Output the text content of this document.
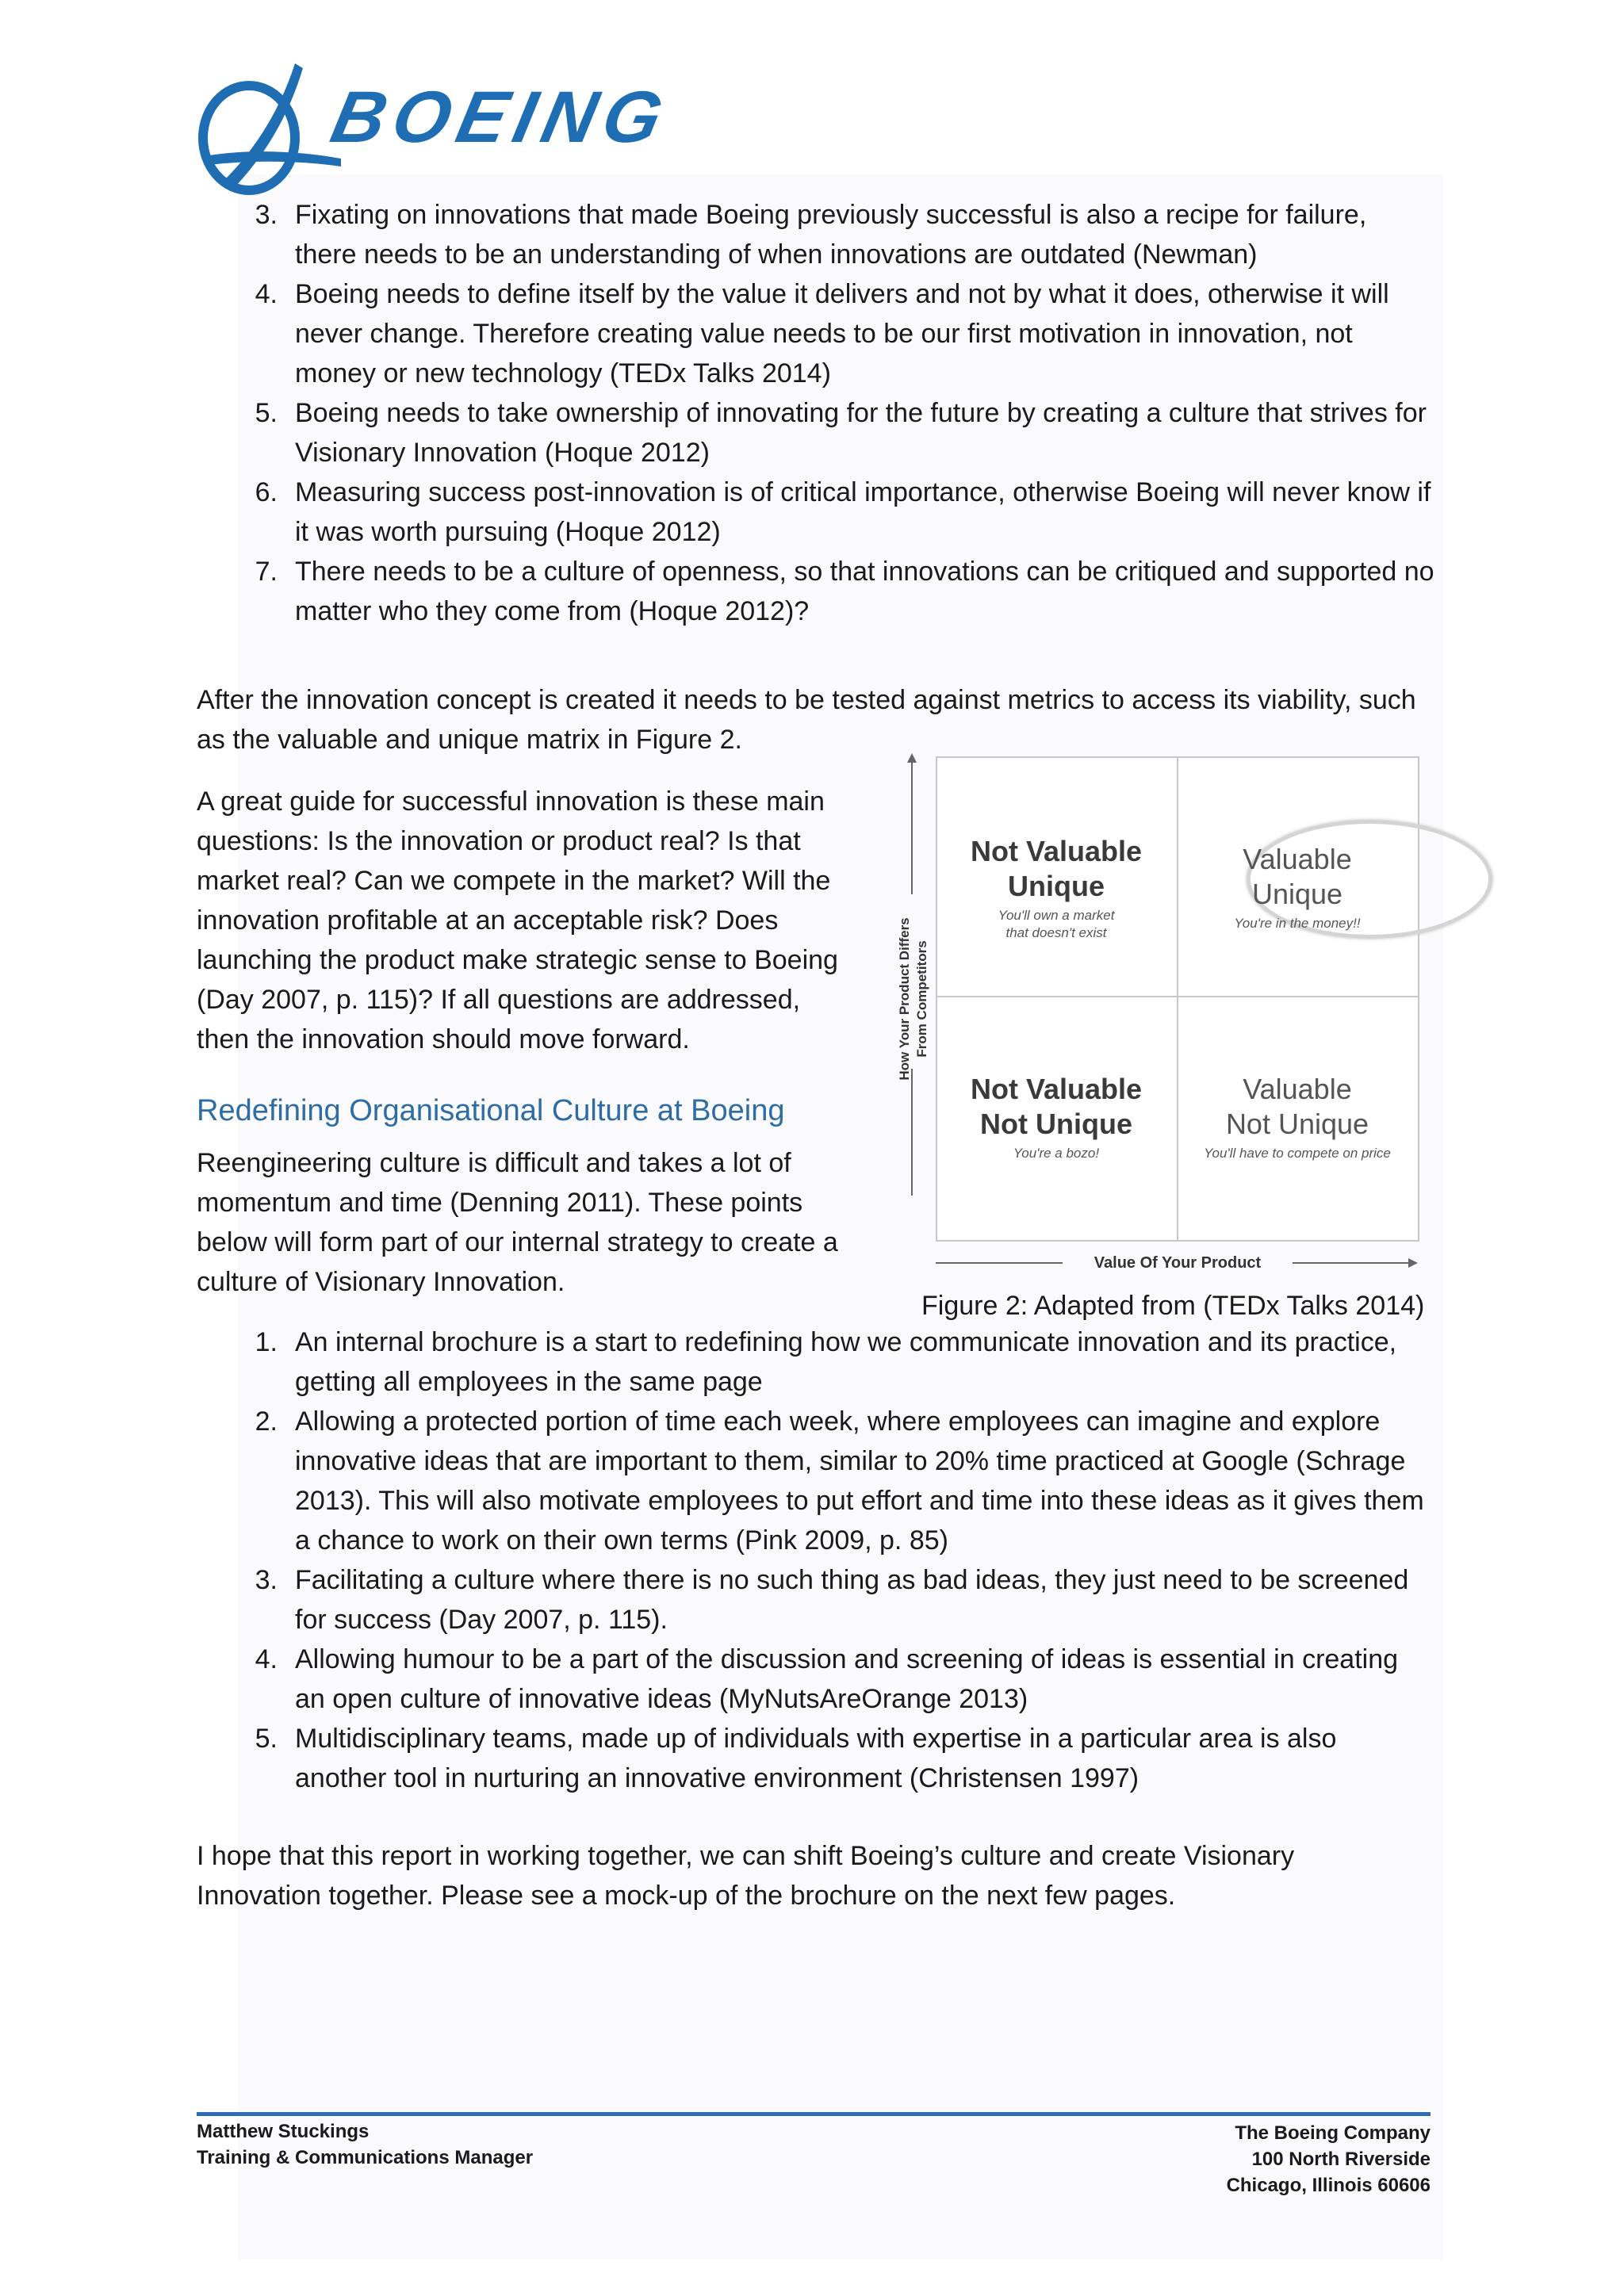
BOEING
3. Fixating on innovations that made Boeing previously successful is also a recipe for failure, there needs to be an understanding of when innovations are outdated (Newman)
4. Boeing needs to define itself by the value it delivers and not by what it does, otherwise it will never change. Therefore creating value needs to be our first motivation in innovation, not money or new technology (TEDx Talks 2014)
5. Boeing needs to take ownership of innovating for the future by creating a culture that strives for Visionary Innovation (Hoque 2012)
6. Measuring success post-innovation is of critical importance, otherwise Boeing will never know if it was worth pursuing (Hoque 2012)
7. There needs to be a culture of openness, so that innovations can be critiqued and supported no matter who they come from (Hoque 2012)?

After the innovation concept is created it needs to be tested against metrics to access its viability, such as the valuable and unique matrix in Figure 2.

A great guide for successful innovation is these main questions: Is the innovation or product real? Is that market real? Can we compete in the market? Will the innovation profitable at an acceptable risk? Does launching the product make strategic sense to Boeing (Day 2007, p. 115)? If all questions are addressed, then the innovation should move forward.

Redefining Organisational Culture at Boeing

Reengineering culture is difficult and takes a lot of momentum and time (Denning 2011). These points below will form part of our internal strategy to create a culture of Visionary Innovation.

How Your Product Differs From Competitors
Not Valuable
Unique
You'll own a market that doesn't exist
Valuable
Unique
You're in the money!!
Not Valuable
Not Unique
You're a bozo!
Valuable
Not Unique
You'll have to compete on price
Value Of Your Product
Figure 2: Adapted from (TEDx Talks 2014)
1. An internal brochure is a start to redefining how we communicate innovation and its practice, getting all employees in the same page
2. Allowing a protected portion of time each week, where employees can imagine and explore innovative ideas that are important to them, similar to 20% time practiced at Google (Schrage 2013). This will also motivate employees to put effort and time into these ideas as it gives them a chance to work on their own terms (Pink 2009, p. 85)
3. Facilitating a culture where there is no such thing as bad ideas, they just need to be screened for success (Day 2007, p. 115).
4. Allowing humour to be a part of the discussion and screening of ideas is essential in creating an open culture of innovative ideas (MyNutsAreOrange 2013)
5. Multidisciplinary teams, made up of individuals with expertise in a particular area is also another tool in nurturing an innovative environment (Christensen 1997)

I hope that this report in working together, we can shift Boeing’s culture and create Visionary Innovation together. Please see a mock-up of the brochure on the next few pages.

Matthew Stuckings
Training & Communications Manager
The Boeing Company
100 North Riverside
Chicago, Illinois 60606
